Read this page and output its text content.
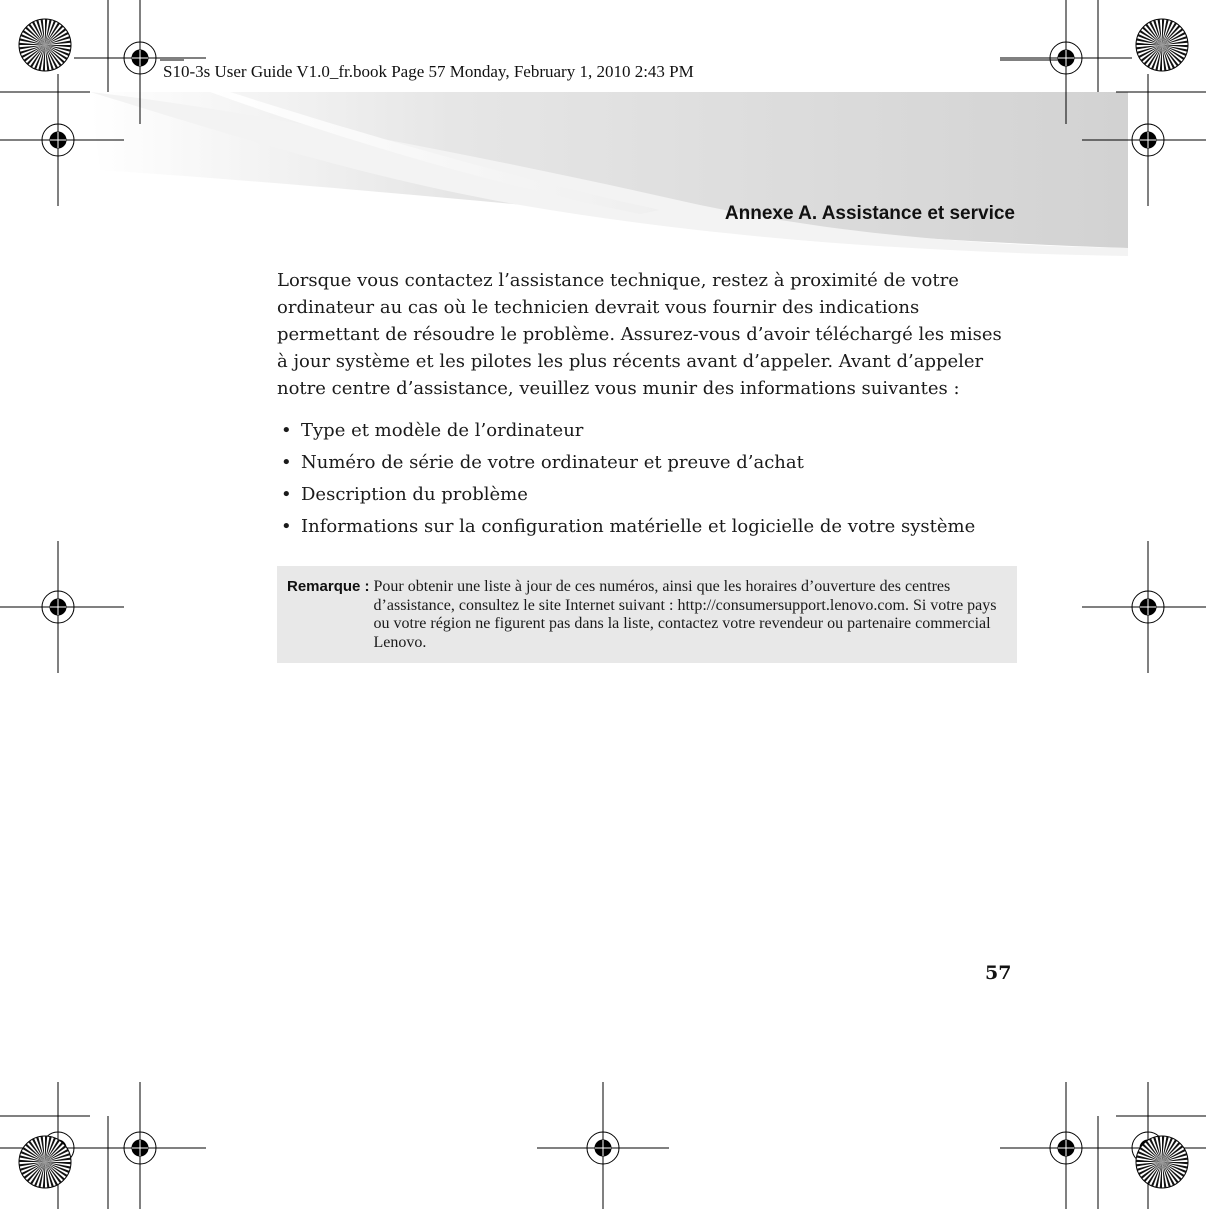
S10-3s User Guide V1.0_fr.book Page 57 Monday, February 1, 2010 2:43 PM

Annexe A. Assistance et service

Lorsque vous contactez l’assistance technique, restez à proximité de votre ordinateur au cas où le technicien devrait vous fournir des indications permettant de résoudre le problème. Assurez-vous d’avoir téléchargé les mises à jour système et les pilotes les plus récents avant d’appeler. Avant d’appeler notre centre d’assistance, veuillez vous munir des informations suivantes :

• Type et modèle de l’ordinateur
• Numéro de série de votre ordinateur et preuve d’achat
• Description du problème
• Informations sur la configuration matérielle et logicielle de votre système
Remarque : Pour obtenir une liste à jour de ces numéros, ainsi que les horaires d’ouverture des centres d’assistance, consultez le site Internet suivant : http://consumersupport.lenovo.com. Si votre pays ou votre région ne figurent pas dans la liste, contactez votre revendeur ou partenaire commercial Lenovo.

57
